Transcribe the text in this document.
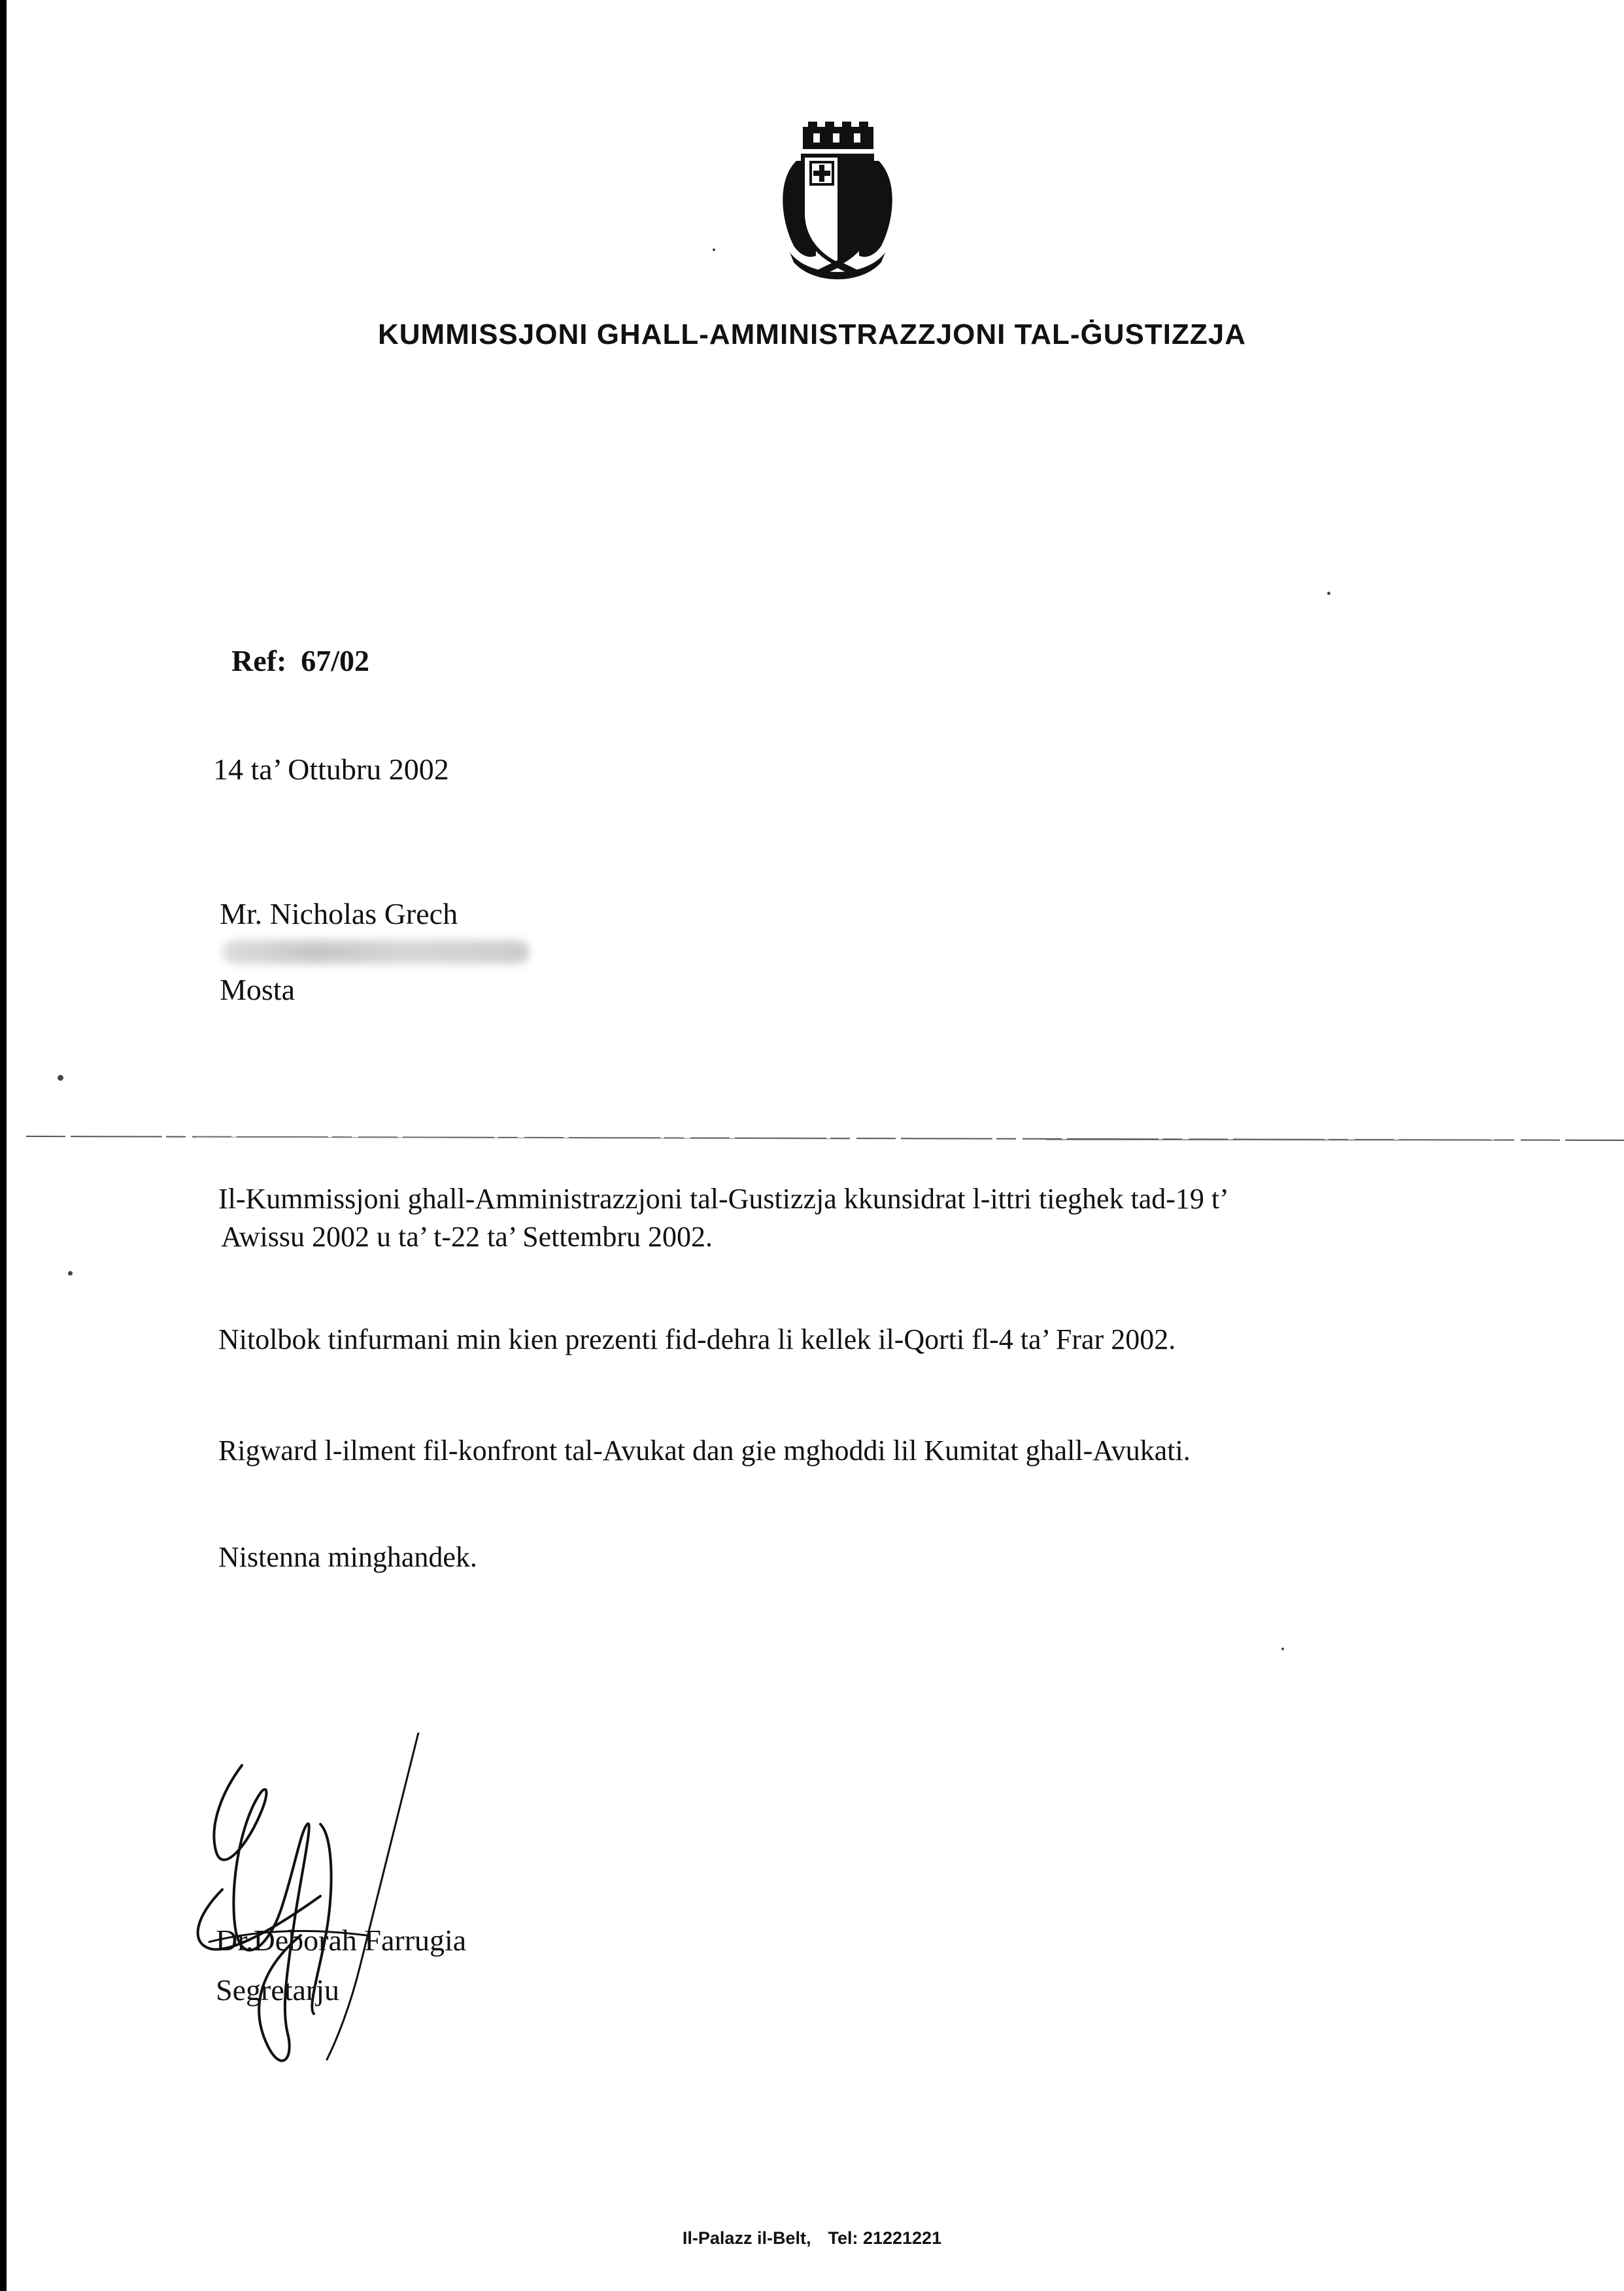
KUMMISSJONI GHALL-AMMINISTRAZZJONI TAL-ĠUSTIZZJA
Ref: 67/02
14 ta’ Ottubru 2002
Mr. Nicholas Grech
Mosta
Il-Kummissjoni ghall-Amministrazzjoni tal-Gustizzja kkunsidrat l-ittri tieghek tad-19 t’
Awissu 2002 u ta’ t-22 ta’ Settembru 2002.
Nitolbok tinfurmani min kien prezenti fid-dehra li kellek il-Qorti fl-4 ta’ Frar 2002.
Rigward l-ilment fil-konfront tal-Avukat dan gie mghoddi lil Kumitat ghall-Avukati.
Nistenna minghandek.
Dr.Deborah Farrugia
Segretarju
Il-Palazz il-Belt, Tel: 21221221
